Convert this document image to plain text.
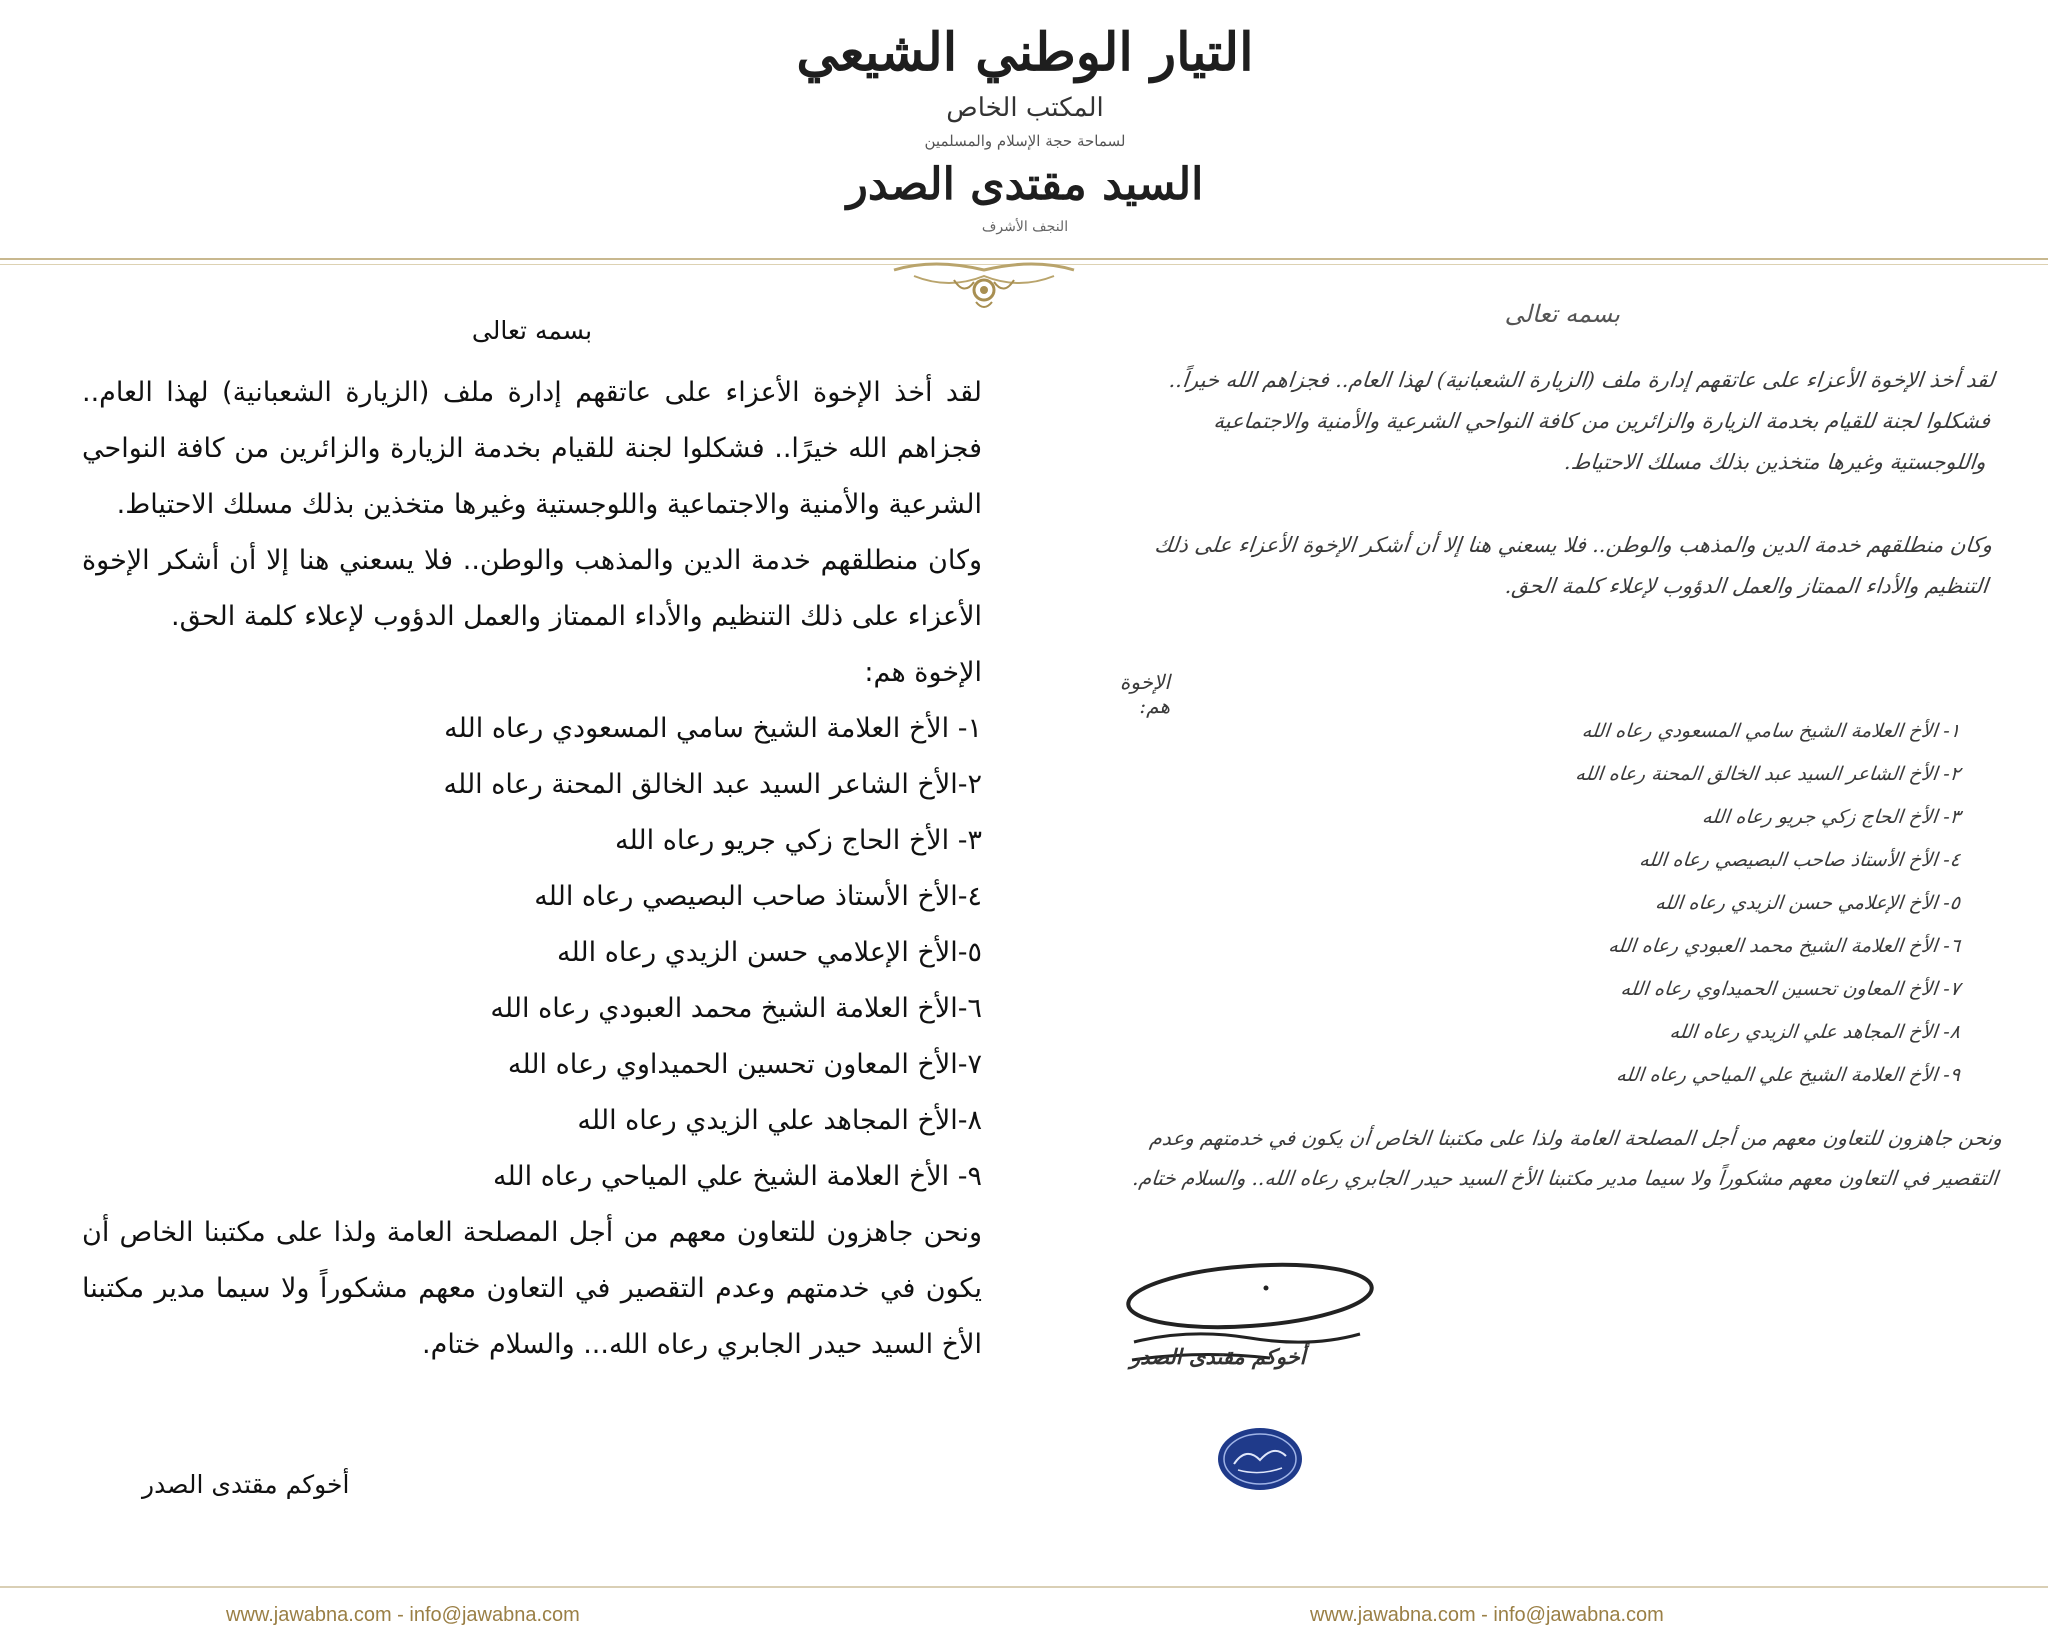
التيار الوطني الشيعي
المكتب الخاص
لسماحة حجة الإسلام والمسلمين
السيد مقتدى الصدر
النجف الأشرف
بسمه تعالى

لقد أخذ الإخوة الأعزاء على عاتقهم إدارة ملف (الزيارة الشعبانية) لهذا العام.. فجزاهم الله خيرًا.. فشكلوا لجنة للقيام بخدمة الزيارة والزائرين من كافة النواحي الشرعية والأمنية والاجتماعية واللوجستية وغيرها متخذين بذلك مسلك الاحتياط.

وكان منطلقهم خدمة الدين والمذهب والوطن.. فلا يسعني هنا إلا أن أشكر الإخوة الأعزاء على ذلك التنظيم والأداء الممتاز والعمل الدؤوب لإعلاء كلمة الحق.

الإخوة هم:

١- الأخ العلامة الشيخ سامي المسعودي رعاه الله
٢-الأخ الشاعر السيد عبد الخالق المحنة رعاه الله
٣- الأخ الحاج زكي جريو رعاه الله
٤-الأخ الأستاذ صاحب البصيصي رعاه الله
٥-الأخ الإعلامي حسن الزيدي رعاه الله
٦-الأخ العلامة الشيخ محمد العبودي رعاه الله
٧-الأخ المعاون تحسين الحميداوي رعاه الله
٨-الأخ المجاهد علي الزيدي رعاه الله
٩- الأخ العلامة الشيخ علي المياحي رعاه الله

ونحن جاهزون للتعاون معهم من أجل المصلحة العامة ولذا على مكتبنا الخاص أن يكون في خدمتهم وعدم التقصير في التعاون معهم مشكوراً ولا سيما مدير مكتبنا الأخ السيد حيدر الجابري رعاه الله... والسلام ختام.

أخوكم مقتدى الصدر
بسمه تعالى
لقد أخذ الإخوة الأعزاء على عاتقهم إدارة ملف (الزيارة الشعبانية) لهذا العام.. فجزاهم الله خيراً.. فشكلوا لجنة للقيام بخدمة الزيارة والزائرين من كافة النواحي الشرعية والأمنية والاجتماعية واللوجستية وغيرها متخذين بذلك مسلك الاحتياط.
وكان منطلقهم خدمة الدين والمذهب والوطن.. فلا يسعني هنا إلا أن أشكر الإخوة الأعزاء على ذلك التنظيم والأداء الممتاز والعمل الدؤوب لإعلاء كلمة الحق.
الإخوة هم:
١- الأخ العلامة الشيخ سامي المسعودي رعاه الله
٢- الأخ الشاعر السيد عبد الخالق المحنة رعاه الله
٣- الأخ الحاج زكي جريو رعاه الله
٤- الأخ الأستاذ صاحب البصيصي رعاه الله
٥- الأخ الإعلامي حسن الزيدي رعاه الله
٦- الأخ العلامة الشيخ محمد العبودي رعاه الله
٧- الأخ المعاون تحسين الحميداوي رعاه الله
٨- الأخ المجاهد علي الزيدي رعاه الله
٩- الأخ العلامة الشيخ علي المياحي رعاه الله
ونحن جاهزون للتعاون معهم من أجل المصلحة العامة ولذا على مكتبنا الخاص أن يكون في خدمتهم وعدم التقصير في التعاون معهم مشكوراً ولا سيما مدير مكتبنا الأخ السيد حيدر الجابري رعاه الله.. والسلام ختام.
أخوكم مقتدى الصدر
www.jawabna.com - info@jawabna.com	www.jawabna.com - info@jawabna.com
